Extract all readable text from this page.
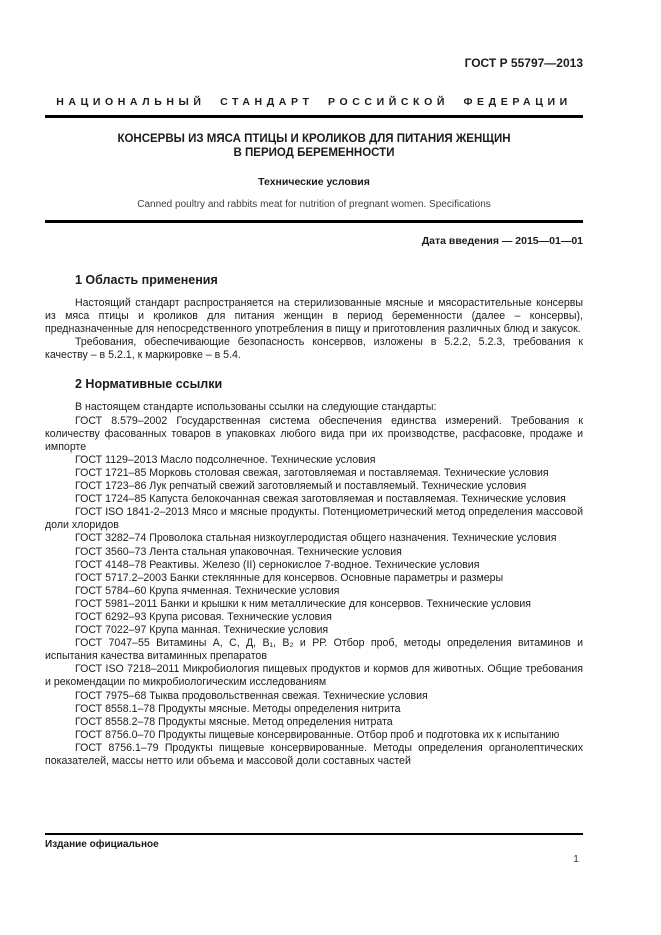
ГОСТ Р 55797—2013
НАЦИОНАЛЬНЫЙ СТАНДАРТ РОССИЙСКОЙ ФЕДЕРАЦИИ
КОНСЕРВЫ ИЗ МЯСА ПТИЦЫ И КРОЛИКОВ ДЛЯ ПИТАНИЯ ЖЕНЩИН
В ПЕРИОД БЕРЕМЕННОСТИ
Технические условия
Canned poultry and rabbits meat for nutrition of pregnant women. Specifications
Дата введения — 2015—01—01
1 Область применения

Настоящий стандарт распространяется на стерилизованные мясные и мясорастительные консервы из мяса птицы и кроликов для питания женщин в период беременности (далее – консервы), предназначенные для непосредственного употребления в пищу и приготовления различных блюд и закусок.

Требования, обеспечивающие безопасность консервов, изложены в 5.2.2, 5.2.3, требования к качеству – в 5.2.1, к маркировке – в 5.4.

2 Нормативные ссылки

В настоящем стандарте использованы ссылки на следующие стандарты:

ГОСТ 8.579–2002 Государственная система обеспечения единства измерений. Требования к количеству фасованных товаров в упаковках любого вида при их производстве, расфасовке, продаже и импорте

ГОСТ 1129–2013 Масло подсолнечное. Технические условия

ГОСТ 1721–85 Морковь столовая свежая, заготовляемая и поставляемая. Технические условия

ГОСТ 1723–86 Лук репчатый свежий заготовляемый и поставляемый. Технические условия

ГОСТ 1724–85 Капуста белокочанная свежая заготовляемая и поставляемая. Технические условия

ГОСТ ISO 1841-2–2013 Мясо и мясные продукты. Потенциометрический метод определения массовой доли хлоридов

ГОСТ 3282–74 Проволока стальная низкоуглеродистая общего назначения. Технические условия

ГОСТ 3560–73 Лента стальная упаковочная. Технические условия

ГОСТ 4148–78 Реактивы. Железо (II) сернокислое 7-водное. Технические условия

ГОСТ 5717.2–2003 Банки стеклянные для консервов. Основные параметры и размеры

ГОСТ 5784–60 Крупа ячменная. Технические условия

ГОСТ 5981–2011 Банки и крышки к ним металлические для консервов. Технические условия

ГОСТ 6292–93 Крупа рисовая. Технические условия

ГОСТ 7022–97 Крупа манная. Технические условия

ГОСТ 7047–55 Витамины А, С, Д, В₁, В₂ и РР. Отбор проб, методы определения витаминов и испытания качества витаминных препаратов

ГОСТ ISO 7218–2011 Микробиология пищевых продуктов и кормов для животных. Общие требования и рекомендации по микробиологическим исследованиям

ГОСТ 7975–68 Тыква продовольственная свежая. Технические условия

ГОСТ 8558.1–78 Продукты мясные. Методы определения нитрита

ГОСТ 8558.2–78 Продукты мясные. Метод определения нитрата

ГОСТ 8756.0–70 Продукты пищевые консервированные. Отбор проб и подготовка их к испытанию

ГОСТ 8756.1–79 Продукты пищевые консервированные. Методы определения органолептических показателей, массы нетто или объема и массовой доли составных частей

Издание официальное
1
